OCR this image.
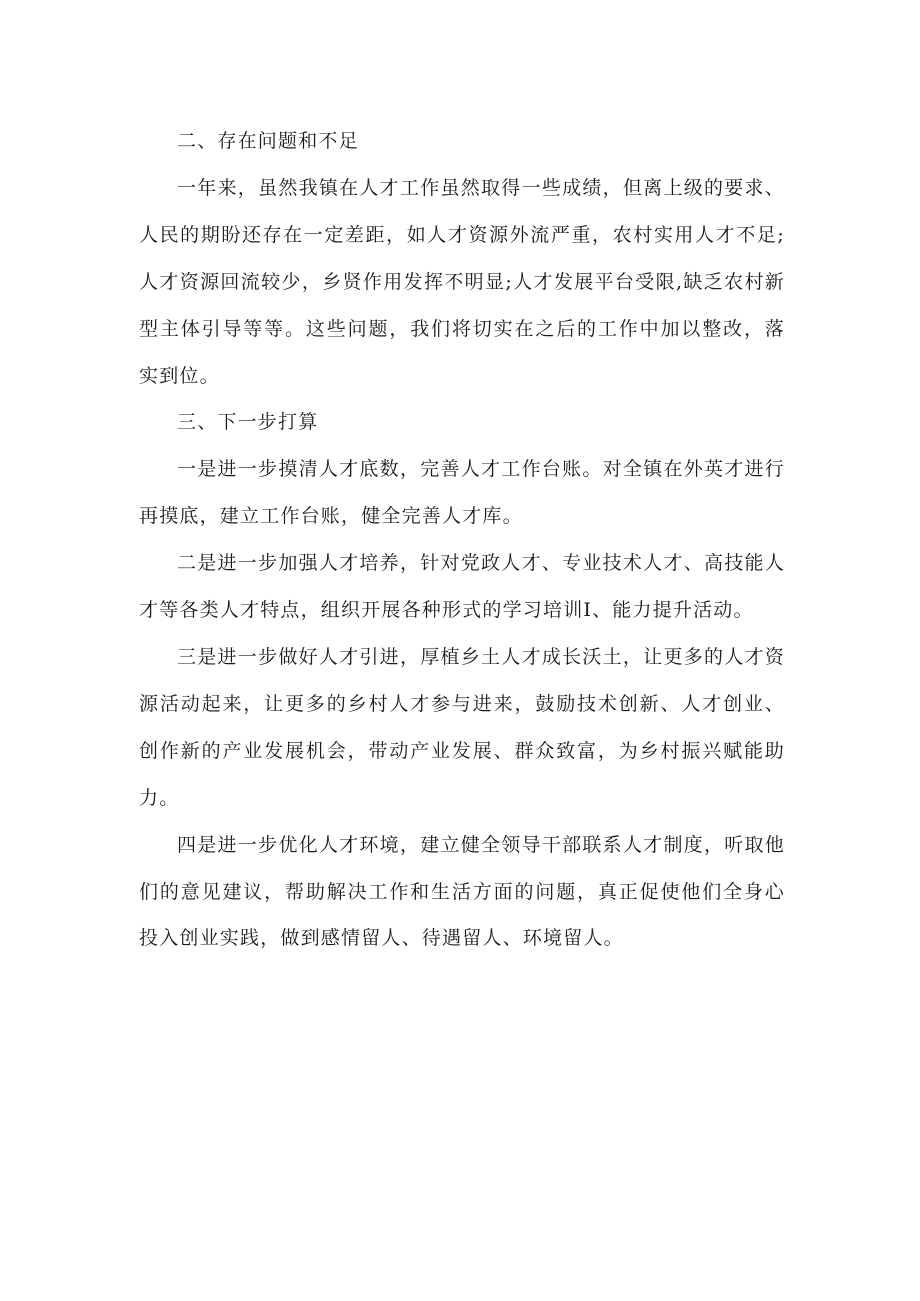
二、存在问题和不足

一年来，虽然我镇在人才工作虽然取得一些成绩，但离上级的要求、人民的期盼还存在一定差距，如人才资源外流严重，农村实用人才不足;人才资源回流较少，乡贤作用发挥不明显;人才发展平台受限,缺乏农村新型主体引导等等。这些问题，我们将切实在之后的工作中加以整改，落实到位。

三、下一步打算

一是进一步摸清人才底数，完善人才工作台账。对全镇在外英才进行再摸底，建立工作台账，健全完善人才库。

二是进一步加强人才培养，针对党政人才、专业技术人才、高技能人才等各类人才特点，组织开展各种形式的学习培训I、能力提升活动。

三是进一步做好人才引进，厚植乡土人才成长沃土，让更多的人才资源活动起来，让更多的乡村人才参与进来，鼓励技术创新、人才创业、创作新的产业发展机会，带动产业发展、群众致富，为乡村振兴赋能助力。

四是进一步优化人才环境，建立健全领导干部联系人才制度，听取他们的意见建议，帮助解决工作和生活方面的问题，真正促使他们全身心投入创业实践，做到感情留人、待遇留人、环境留人。
